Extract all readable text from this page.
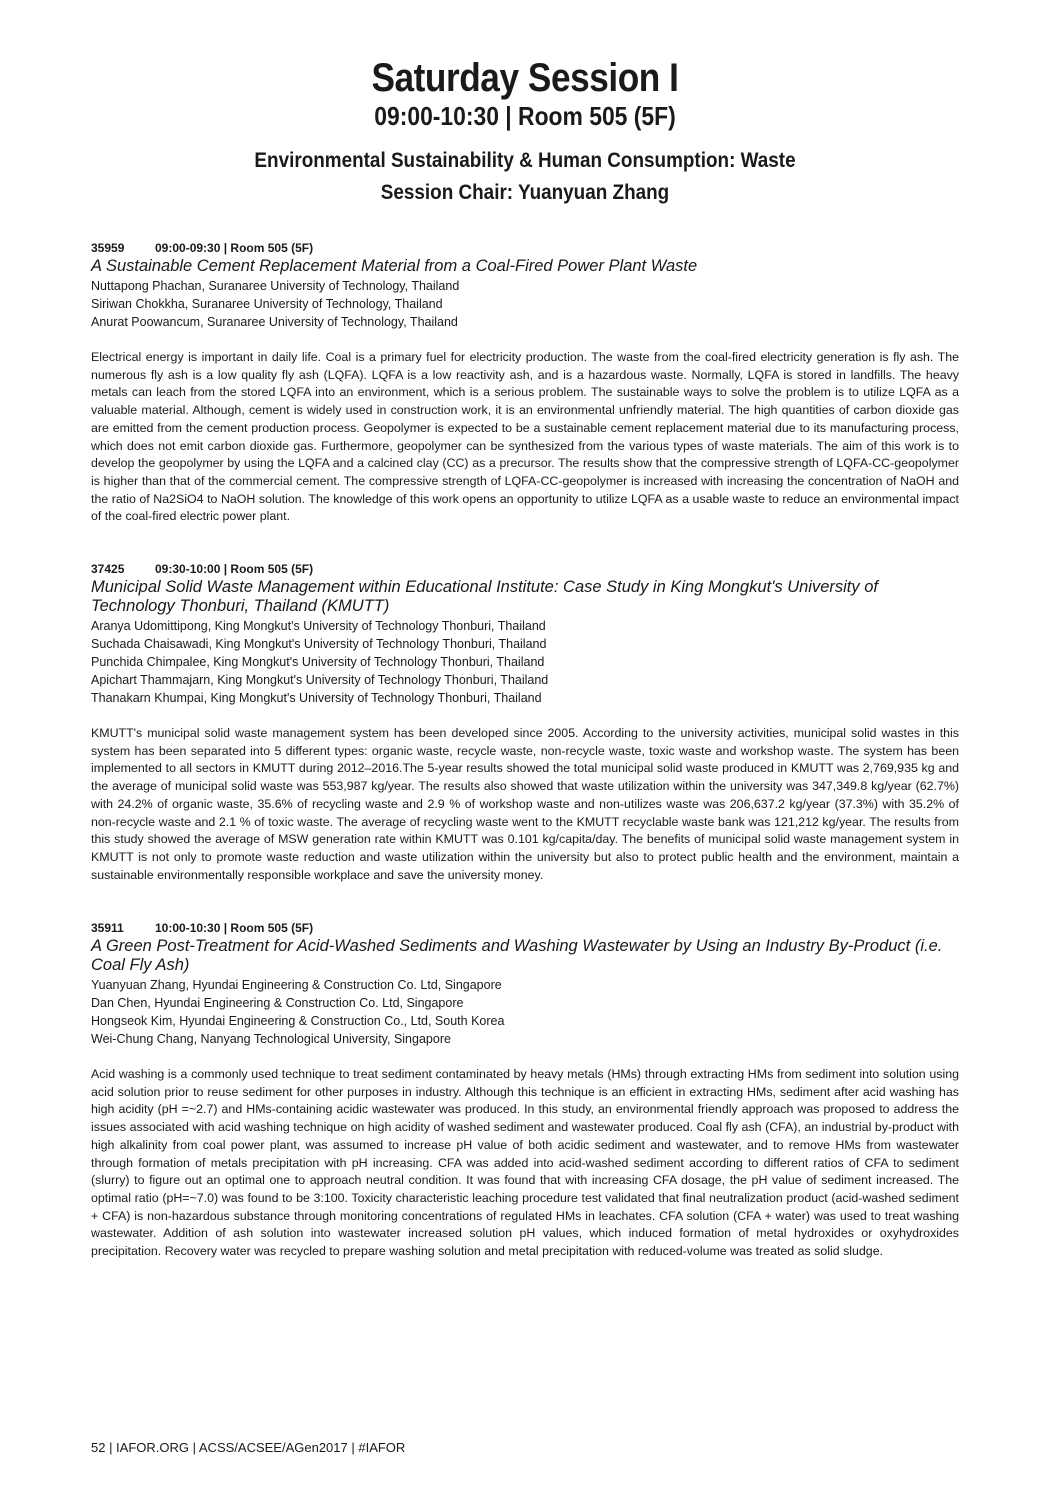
Saturday Session I
09:00-10:30 | Room 505 (5F)
Environmental Sustainability & Human Consumption: Waste
Session Chair: Yuanyuan Zhang
35959	09:00-09:30 | Room 505 (5F)
A Sustainable Cement Replacement Material from a Coal-Fired Power Plant Waste
Nuttapong Phachan, Suranaree University of Technology, Thailand
Siriwan Chokkha, Suranaree University of Technology, Thailand
Anurat Poowancum, Suranaree University of Technology, Thailand
Electrical energy is important in daily life. Coal is a primary fuel for electricity production. The waste from the coal-fired electricity generation is fly ash. The numerous fly ash is a low quality fly ash (LQFA). LQFA is a low reactivity ash, and is a hazardous waste. Normally, LQFA is stored in landfills. The heavy metals can leach from the stored LQFA into an environment, which is a serious problem. The sustainable ways to solve the problem is to utilize LQFA as a valuable material. Although, cement is widely used in construction work, it is an environmental unfriendly material. The high quantities of carbon dioxide gas are emitted from the cement production process. Geopolymer is expected to be a sustainable cement replacement material due to its manufacturing process, which does not emit carbon dioxide gas. Furthermore, geopolymer can be synthesized from the various types of waste materials. The aim of this work is to develop the geopolymer by using the LQFA and a calcined clay (CC) as a precursor. The results show that the compressive strength of LQFA-CC-geopolymer is higher than that of the commercial cement. The compressive strength of LQFA-CC-geopolymer is increased with increasing the concentration of NaOH and the ratio of Na2SiO4 to NaOH solution. The knowledge of this work opens an opportunity to utilize LQFA as a usable waste to reduce an environmental impact of the coal-fired electric power plant.
37425	09:30-10:00 | Room 505 (5F)
Municipal Solid Waste Management within Educational Institute: Case Study in King Mongkut's University of Technology Thonburi, Thailand (KMUTT)
Aranya Udomittipong, King Mongkut's University of Technology Thonburi, Thailand
Suchada Chaisawadi, King Mongkut's University of Technology Thonburi, Thailand
Punchida Chimpalee, King Mongkut's University of Technology Thonburi, Thailand
Apichart Thammajarn, King Mongkut's University of Technology Thonburi, Thailand
Thanakarn Khumpai, King Mongkut's University of Technology Thonburi, Thailand
KMUTT's municipal solid waste management system has been developed since 2005. According to the university activities, municipal solid wastes in this system has been separated into 5 different types: organic waste, recycle waste, non-recycle waste, toxic waste and workshop waste. The system has been implemented to all sectors in KMUTT during 2012–2016.The 5-year results showed the total municipal solid waste produced in KMUTT was 2,769,935 kg and the average of municipal solid waste was 553,987 kg/year. The results also showed that waste utilization within the university was 347,349.8 kg/year (62.7%) with 24.2% of organic waste, 35.6% of recycling waste and 2.9 % of workshop waste and non-utilizes waste was 206,637.2 kg/year (37.3%) with 35.2% of non-recycle waste and 2.1 % of toxic waste. The average of recycling waste went to the KMUTT recyclable waste bank was 121,212 kg/year. The results from this study showed the average of MSW generation rate within KMUTT was 0.101 kg/capita/day. The benefits of municipal solid waste management system in KMUTT is not only to promote waste reduction and waste utilization within the university but also to protect public health and the environment, maintain a sustainable environmentally responsible workplace and save the university money.
35911	10:00-10:30 | Room 505 (5F)
A Green Post-Treatment for Acid-Washed Sediments and Washing Wastewater by Using an Industry By-Product (i.e. Coal Fly Ash)
Yuanyuan Zhang, Hyundai Engineering & Construction Co. Ltd, Singapore
Dan Chen, Hyundai Engineering & Construction Co. Ltd, Singapore
Hongseok Kim, Hyundai Engineering & Construction Co., Ltd, South Korea
Wei-Chung Chang, Nanyang Technological University, Singapore
Acid washing is a commonly used technique to treat sediment contaminated by heavy metals (HMs) through extracting HMs from sediment into solution using acid solution prior to reuse sediment for other purposes in industry. Although this technique is an efficient in extracting HMs, sediment after acid washing has high acidity (pH =~2.7) and HMs-containing acidic wastewater was produced. In this study, an environmental friendly approach was proposed to address the issues associated with acid washing technique on high acidity of washed sediment and wastewater produced. Coal fly ash (CFA), an industrial by-product with high alkalinity from coal power plant, was assumed to increase pH value of both acidic sediment and wastewater, and to remove HMs from wastewater through formation of metals precipitation with pH increasing. CFA was added into acid-washed sediment according to different ratios of CFA to sediment (slurry) to figure out an optimal one to approach neutral condition. It was found that with increasing CFA dosage, the pH value of sediment increased. The optimal ratio (pH=~7.0) was found to be 3:100. Toxicity characteristic leaching procedure test validated that final neutralization product (acid-washed sediment + CFA) is non-hazardous substance through monitoring concentrations of regulated HMs in leachates. CFA solution (CFA + water) was used to treat washing wastewater. Addition of ash solution into wastewater increased solution pH values, which induced formation of metal hydroxides or oxyhydroxides precipitation. Recovery water was recycled to prepare washing solution and metal precipitation with reduced-volume was treated as solid sludge.
52 | IAFOR.ORG | ACSS/ACSEE/AGen2017 | #IAFOR
